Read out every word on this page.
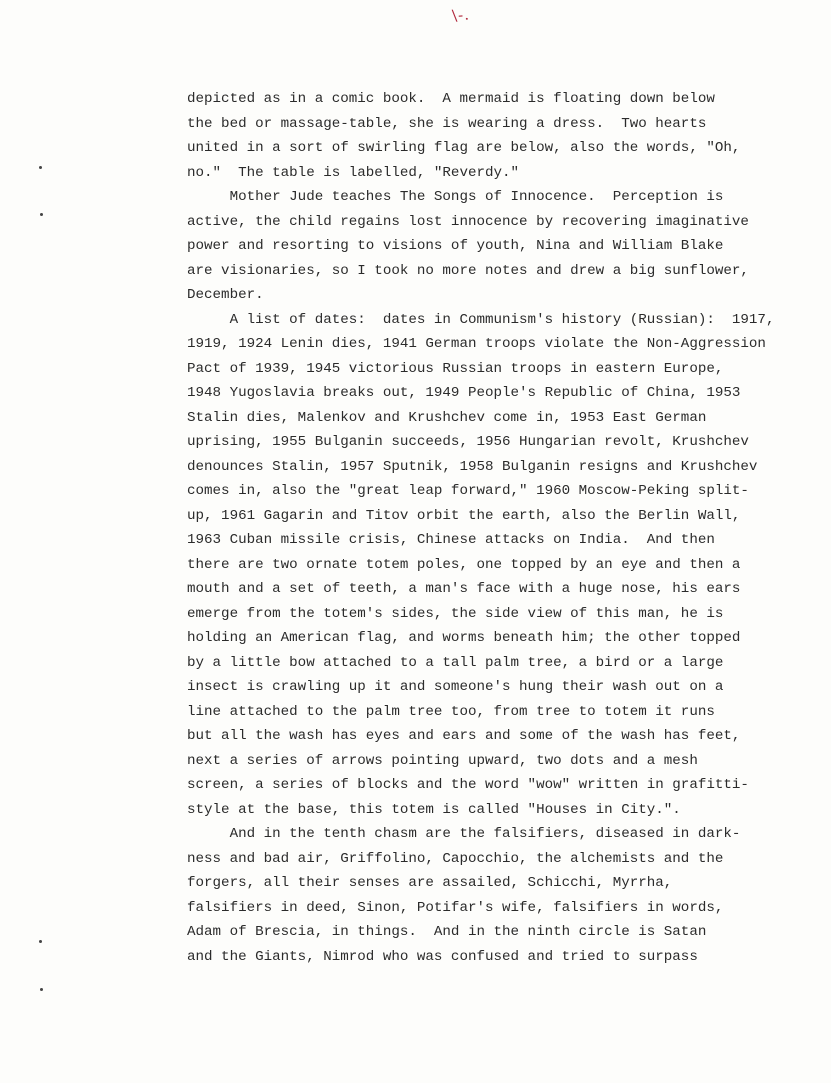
\-.
depicted as in a comic book.  A mermaid is floating down below
the bed or massage-table, she is wearing a dress.  Two hearts
united in a sort of swirling flag are below, also the words, "Oh,
no."  The table is labelled, "Reverdy."
Mother Jude teaches The Songs of Innocence.  Perception is
active, the child regains lost innocence by recovering imaginative
power and resorting to visions of youth, Nina and William Blake
are visionaries, so I took no more notes and drew a big sunflower,
December.
A list of dates:  dates in Communism's history (Russian):  1917,
1919, 1924 Lenin dies, 1941 German troops violate the Non-Aggression
Pact of 1939, 1945 victorious Russian troops in eastern Europe,
1948 Yugoslavia breaks out, 1949 People's Republic of China, 1953
Stalin dies, Malenkov and Krushchev come in, 1953 East German
uprising, 1955 Bulganin succeeds, 1956 Hungarian revolt, Krushchev
denounces Stalin, 1957 Sputnik, 1958 Bulganin resigns and Krushchev
comes in, also the "great leap forward," 1960 Moscow-Peking split-
up, 1961 Gagarin and Titov orbit the earth, also the Berlin Wall,
1963 Cuban missile crisis, Chinese attacks on India.  And then
there are two ornate totem poles, one topped by an eye and then a
mouth and a set of teeth, a man's face with a huge nose, his ears
emerge from the totem's sides, the side view of this man, he is
holding an American flag, and worms beneath him; the other topped
by a little bow attached to a tall palm tree, a bird or a large
insect is crawling up it and someone's hung their wash out on a
line attached to the palm tree too, from tree to totem it runs
but all the wash has eyes and ears and some of the wash has feet,
next a series of arrows pointing upward, two dots and a mesh
screen, a series of blocks and the word "wow" written in grafitti-
style at the base, this totem is called "Houses in City.".
And in the tenth chasm are the falsifiers, diseased in dark-
ness and bad air, Griffolino, Capocchio, the alchemists and the
forgers, all their senses are assailed, Schicchi, Myrrha,
falsifiers in deed, Sinon, Potifar's wife, falsifiers in words,
Adam of Brescia, in things.  And in the ninth circle is Satan
and the Giants, Nimrod who was confused and tried to surpass
